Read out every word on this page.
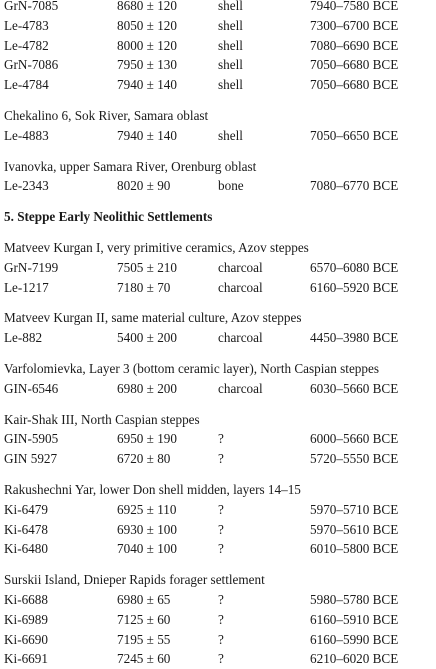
GrN-7085	8680 ± 120	shell	7940–7580 BCE
Le-4783	8050 ± 120	shell	7300–6700 BCE
Le-4782	8000 ± 120	shell	7080–6690 BCE
GrN-7086	7950 ± 130	shell	7050–6680 BCE
Le-4784	7940 ± 140	shell	7050–6680 BCE
Chekalino 6, Sok River, Samara oblast
Le-4883	7940 ± 140	shell	7050–6650 BCE
Ivanovka, upper Samara River, Orenburg oblast
Le-2343	8020 ± 90	bone	7080–6770 BCE
5. Steppe Early Neolithic Settlements
Matveev Kurgan I, very primitive ceramics, Azov steppes
GrN-7199	7505 ± 210	charcoal	6570–6080 BCE
Le-1217	7180 ± 70	charcoal	6160–5920 BCE
Matveev Kurgan II, same material culture, Azov steppes
Le-882	5400 ± 200	charcoal	4450–3980 BCE
Varfolomievka, Layer 3 (bottom ceramic layer), North Caspian steppes
GIN-6546	6980 ± 200	charcoal	6030–5660 BCE
Kair-Shak III, North Caspian steppes
GIN-5905	6950 ± 190	?	6000–5660 BCE
GIN 5927	6720 ± 80	?	5720–5550 BCE
Rakushechni Yar, lower Don shell midden, layers 14–15
Ki-6479	6925 ± 110	?	5970–5710 BCE
Ki-6478	6930 ± 100	?	5970–5610 BCE
Ki-6480	7040 ± 100	?	6010–5800 BCE
Surskii Island, Dnieper Rapids forager settlement
Ki-6688	6980 ± 65	?	5980–5780 BCE
Ki-6989	7125 ± 60	?	6160–5910 BCE
Ki-6690	7195 ± 55	?	6160–5990 BCE
Ki-6691	7245 ± 60	?	6210–6020 BCE
